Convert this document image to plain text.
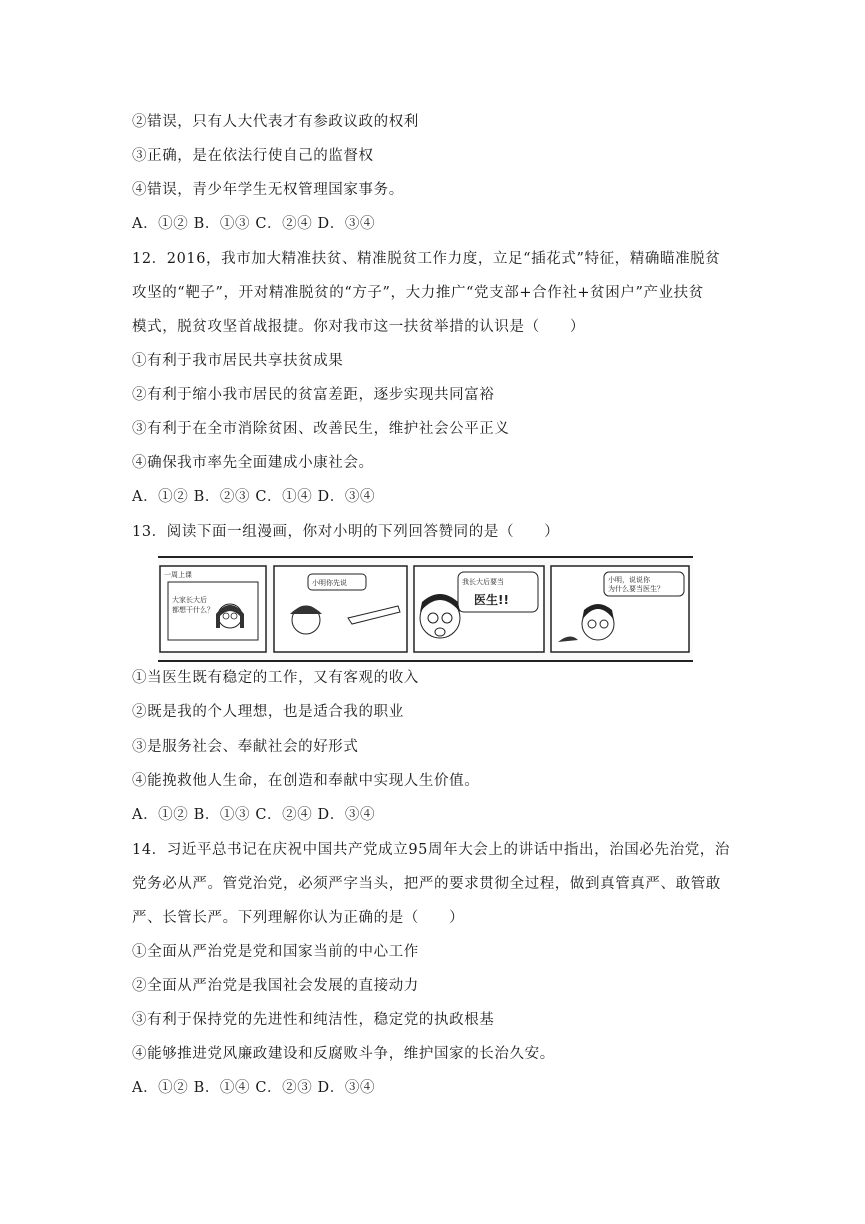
②错误，只有人大代表才有参政议政的权利
③正确，是在依法行使自己的监督权
④错误，青少年学生无权管理国家事务。
A．①② B．①③ C．②④ D．③④
12．2016，我市加大精准扶贫、精准脱贫工作力度，立足“插花式”特征，精确瞄准脱贫
攻坚的“靶子”，开对精准脱贫的“方子”，大力推广“党支部+合作社+贫困户”产业扶贫
模式，脱贫攻坚首战报捷。你对我市这一扶贫举措的认识是（　　）
①有利于我市居民共享扶贫成果
②有利于缩小我市居民的贫富差距，逐步实现共同富裕
③有利于在全市消除贫困、改善民生，维护社会公平正义
④确保我市率先全面建成小康社会。
A．①② B．②③ C．①④ D．③④
13．阅读下面一组漫画，你对小明的下列回答赞同的是（　　）
一周上课
大家长大后
都想干什么？
小明你先说	我长大后要当
医生!!
小明，说说你
为什么要当医生？
①当医生既有稳定的工作，又有客观的收入
②既是我的个人理想，也是适合我的职业
③是服务社会、奉献社会的好形式
④能挽救他人生命，在创造和奉献中实现人生价值。
A．①② B．①③ C．②④ D．③④
14．习近平总书记在庆祝中国共产党成立95周年大会上的讲话中指出，治国必先治党，治
党务必从严。管党治党，必须严字当头，把严的要求贯彻全过程，做到真管真严、敢管敢
严、长管长严。下列理解你认为正确的是（　　）
①全面从严治党是党和国家当前的中心工作
②全面从严治党是我国社会发展的直接动力
③有利于保持党的先进性和纯洁性，稳定党的执政根基
④能够推进党风廉政建设和反腐败斗争，维护国家的长治久安。
A．①② B．①④ C．②③ D．③④
